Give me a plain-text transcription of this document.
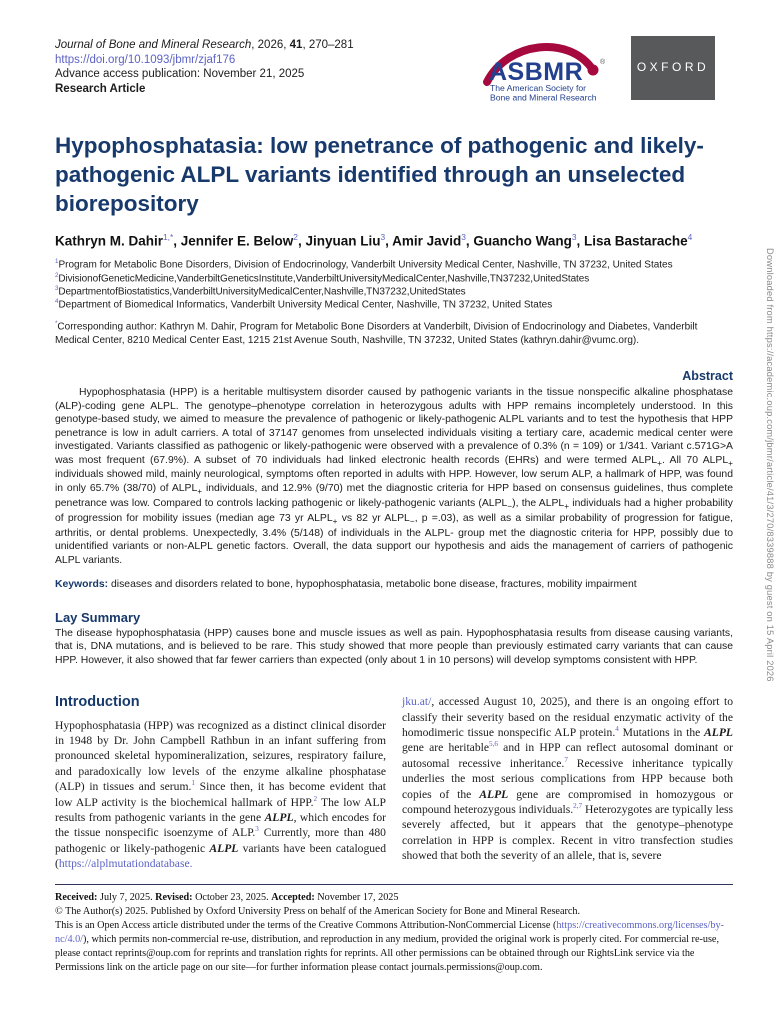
Journal of Bone and Mineral Research, 2026, 41, 270–281
https://doi.org/10.1093/jbmr/zjaf176
Advance access publication: November 21, 2025
Research Article
ASBMR ®
The American Society for
Bone and Mineral Research
OXFORD
Hypophosphatasia: low penetrance of pathogenic and likely-pathogenic ALPL variants identified through an unselected biorepository
Kathryn M. Dahir$^{1,*}$, Jennifer E. Below$^2$, Jinyuan Liu$^3$, Amir Javid$^3$, Guancho Wang$^3$, Lisa Bastarache$^4$
$^1$Program for Metabolic Bone Disorders, Division of Endocrinology, Vanderbilt University Medical Center, Nashville, TN 37232, United States
$^2$Division of Genetic Medicine, Vanderbilt Genetics Institute, Vanderbilt University Medical Center, Nashville, TN 37232, United States
$^3$Department of Biostatistics, Vanderbilt University Medical Center, Nashville, TN 37232, United States
$^4$Department of Biomedical Informatics, Vanderbilt University Medical Center, Nashville, TN 37232, United States
*Corresponding author: Kathryn M. Dahir, Program for Metabolic Bone Disorders at Vanderbilt, Division of Endocrinology and Diabetes, Vanderbilt Medical Center, 8210 Medical Center East, 1215 21st Avenue South, Nashville, TN 37232, United States (kathryn.dahir@vumc.org).
Abstract

Hypophosphatasia (HPP) is a heritable multisystem disorder caused by pathogenic variants in the tissue nonspecific alkaline phosphatase (ALP)-coding gene ALPL. The genotype–phenotype correlation in heterozygous adults with HPP remains incompletely understood. In this genotype-based study, we aimed to measure the prevalence of pathogenic or likely-pathogenic ALPL variants and to test the hypothesis that HPP penetrance is low in adult carriers. A total of 37147 genomes from unselected individuals visiting a tertiary care, academic medical center were investigated. Variants classified as pathogenic or likely-pathogenic were observed with a prevalence of 0.3% (n = 109) or 1/341. Variant c.571G>A was most frequent (67.9%). A subset of 70 individuals had linked electronic health records (EHRs) and were termed $ALPL_+$. All 70 $ALPL_+$ individuals showed mild, mainly neurological, symptoms often reported in adults with HPP. However, low serum ALP, a hallmark of HPP, was found in only 65.7% (38/70) of $ALPL_+$ individuals, and 12.9% (9/70) met the diagnostic criteria for HPP based on consensus guidelines, thus complete penetrance was low. Compared to controls lacking pathogenic or likely-pathogenic variants $(ALPL_-)$, the $ALPL_+$ individuals had a higher probability of progression for mobility issues (median age 73 yr $ALPL_+$ vs 82 yr $ALPL_-$, p =.03), as well as a similar probability of progression for fatigue, arthritis, or dental problems. Unexpectedly, 3.4% (5/148) of individuals in the ALPL- group met the diagnostic criteria for HPP, possibly due to unidentified variants or non-ALPL genetic factors. Overall, the data support our hypothesis and aids the management of carriers of pathogenic ALPL variants.

Keywords: diseases and disorders related to bone, hypophosphatasia, metabolic bone disease, fractures, mobility impairment
Lay Summary

The disease hypophosphatasia (HPP) causes bone and muscle issues as well as pain. Hypophosphatasia results from disease causing variants, that is, DNA mutations, and is believed to be rare. This study showed that more people than previously estimated carry variants that can cause HPP. However, it also showed that far fewer carriers than expected (only about 1 in 10 persons) will develop symptoms consistent with HPP.

Introduction

Hypophosphatasia (HPP) was recognized as a distinct clinical disorder in 1948 by Dr. John Campbell Rathbun in an infant suffering from pronounced skeletal hypomineralization, seizures, respiratory failure, and paradoxically low levels of the enzyme alkaline phosphatase (ALP) in tissues and serum.$^1$ Since then, it has become evident that low ALP activity is the biochemical hallmark of HPP.$^2$ The low ALP results from pathogenic variants in the gene ALPL, which encodes for the tissue nonspecific isoenzyme of ALP.$^3$ Currently, more than 480 pathogenic or likely-pathogenic ALPL variants have been catalogued (https://alplmutationdatabase.

jku.at/, accessed August 10, 2025), and there is an ongoing effort to classify their severity based on the residual enzymatic activity of the homodimeric tissue nonspecific ALP protein.$^4$ Mutations in the ALPL gene are heritable$^{5,6}$ and in HPP can reflect autosomal dominant or autosomal recessive inheritance.$^7$ Recessive inheritance typically underlies the most serious complications from HPP because both copies of the ALPL gene are compromised in homozygous or compound heterozygous individuals.$^{2,7}$ Heterozygotes are typically less severely affected, but it appears that the genotype–phenotype correlation in HPP is complex. Recent in vitro transfection studies showed that both the severity of an allele, that is, severe

Received: July 7, 2025. Revised: October 23, 2025. Accepted: November 17, 2025

© The Author(s) 2025. Published by Oxford University Press on behalf of the American Society for Bone and Mineral Research.

This is an Open Access article distributed under the terms of the Creative Commons Attribution-NonCommercial License (https://creativecommons.org/licenses/by-nc/4.0/), which permits non-commercial re-use, distribution, and reproduction in any medium, provided the original work is properly cited. For commercial re-use, please contact reprints@oup.com for reprints and translation rights for reprints. All other permissions can be obtained through our RightsLink service via the Permissions link on the article page on our site—for further information please contact journals.permissions@oup.com.

Downloaded from https://academic.oup.com/jbmr/article/41/3/270/8339888 by guest on 15 April 2026
